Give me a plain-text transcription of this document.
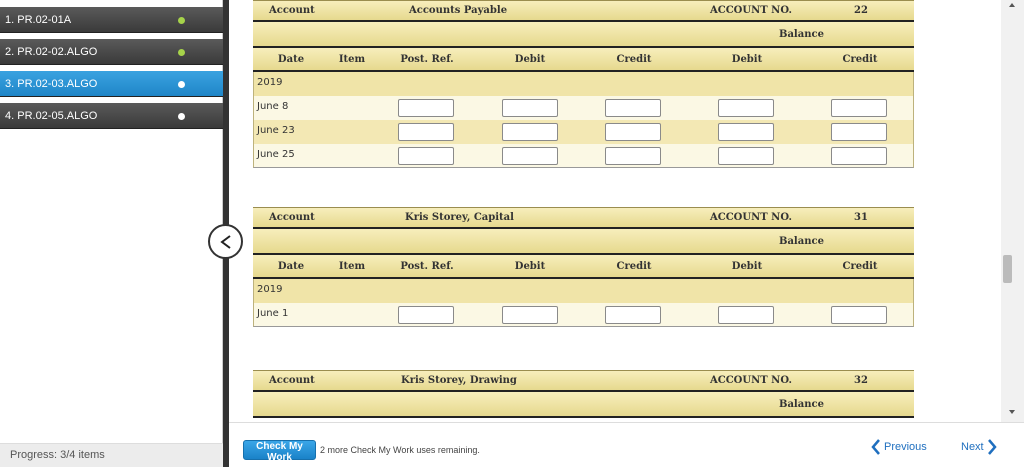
1. PR.02-01A
2. PR.02-02.ALGO
3. PR.02-03.ALGO
4. PR.02-05.ALGO
Progress: 3/4 items
Account	Accounts Payable	ACCOUNT NO.	22
Balance
Date	Item	Post. Ref.	Debit	Credit	Debit	Credit
2019
June 8
June 23
June 25
Account	Kris Storey, Capital	ACCOUNT NO.	31
Balance
Date	Item	Post. Ref.	Debit	Credit	Debit	Credit
2019
June 1
Account	Kris Storey, Drawing	ACCOUNT NO.	32
Balance
Check My Work
2 more Check My Work uses remaining.	Previous	Next
